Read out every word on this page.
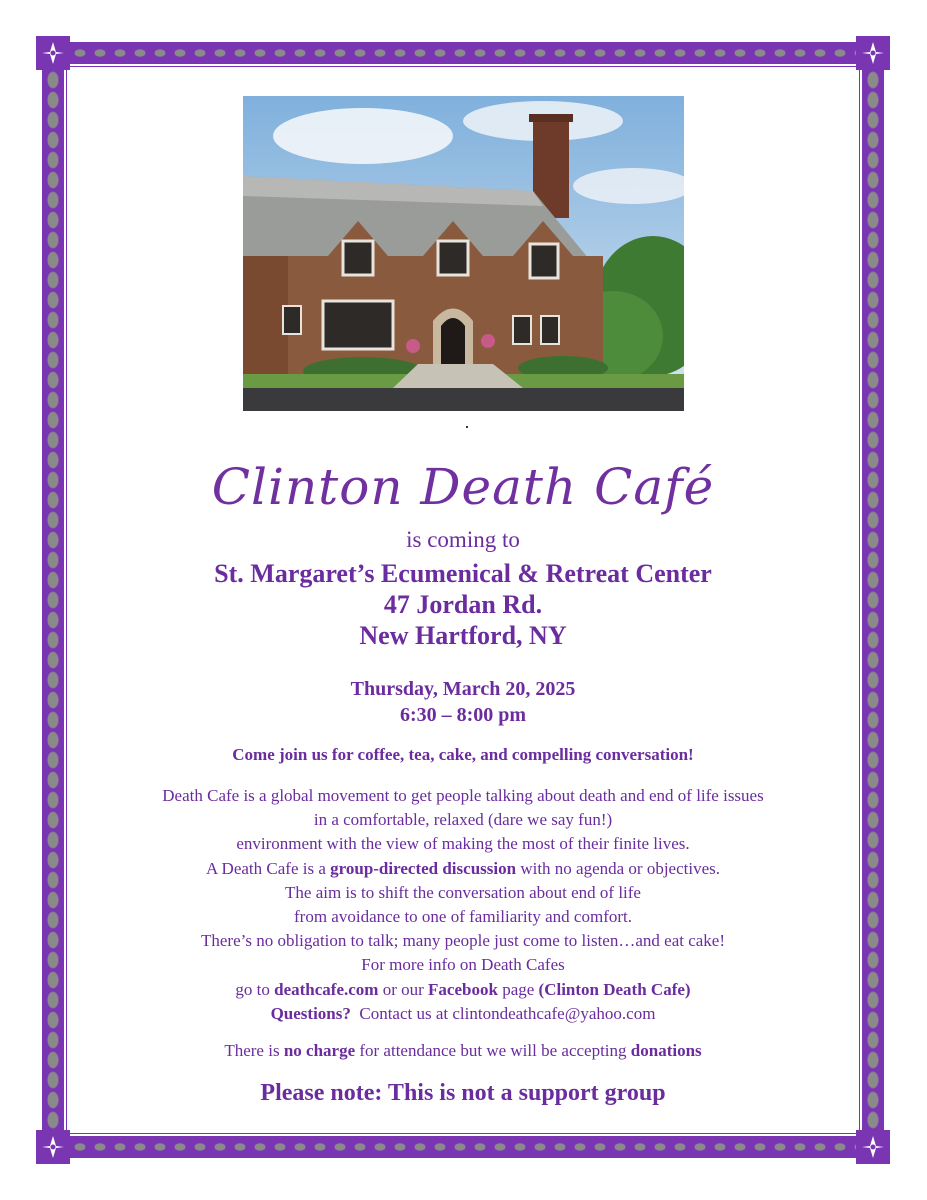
Clinton Death Café
is coming to
St. Margaret’s Ecumenical & Retreat Center
47 Jordan Rd.
New Hartford, NY
Thursday, March 20, 2025
6:30 – 8:00 pm
Come join us for coffee, tea, cake, and compelling conversation!
Death Cafe is a global movement to get people talking about death and end of life issues
in a comfortable, relaxed (dare we say fun!)
environment with the view of making the most of their finite lives.
A Death Cafe is a group-directed discussion with no agenda or objectives.
The aim is to shift the conversation about end of life
from avoidance to one of familiarity and comfort.
There’s no obligation to talk; many people just come to listen…and eat cake!
For more info on Death Cafes
go to deathcafe.com or our Facebook page (Clinton Death Cafe)
Questions?  Contact us at clintondeathcafe@yahoo.com
There is no charge for attendance but we will be accepting donations
Please note: This is not a support group
